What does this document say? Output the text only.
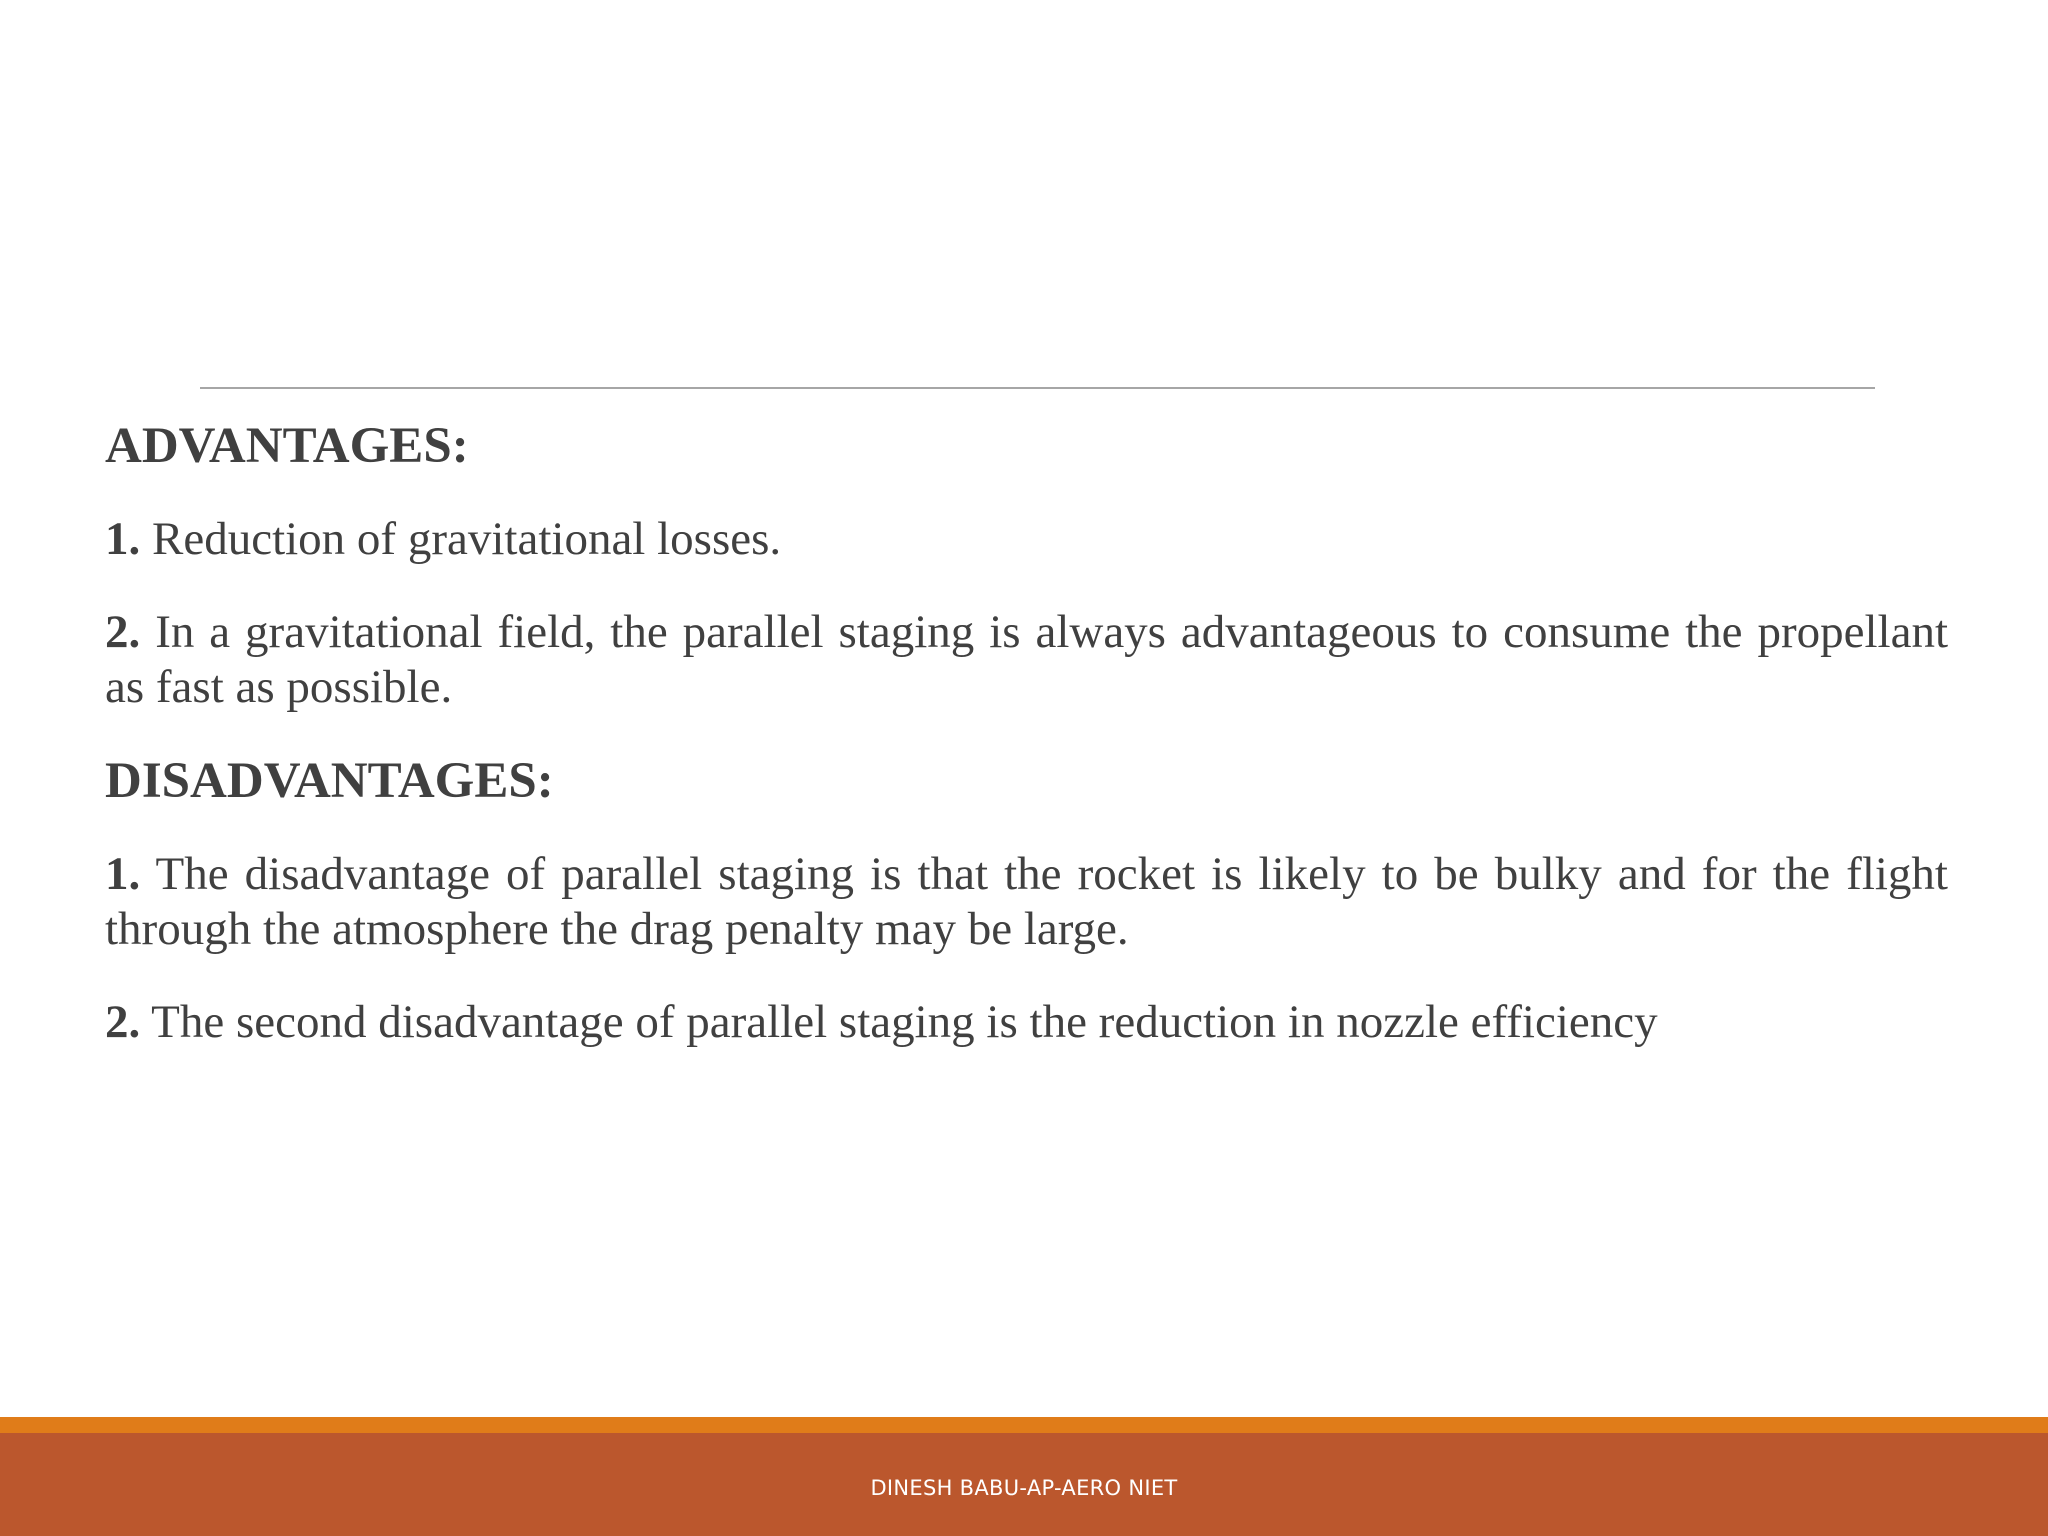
ADVANTAGES:

1. Reduction of gravitational losses.

2. In a gravitational field, the parallel staging is always advantageous to consume the propellant as fast as possible.

DISADVANTAGES:

1. The disadvantage of parallel staging is that the rocket is likely to be bulky and for the flight through the atmosphere the drag penalty may be large.

2. The second disadvantage of parallel staging is the reduction in nozzle efficiency

DINESH BABU-AP-AERO NIET
